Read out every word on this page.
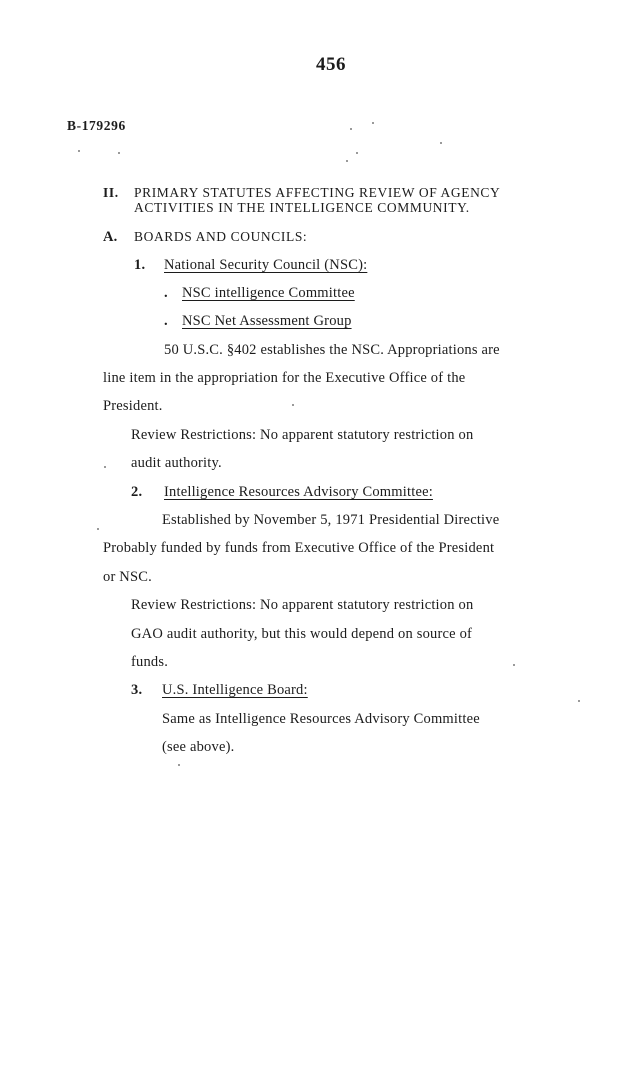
456
B-179296
II. PRIMARY STATUTES AFFECTING REVIEW OF AGENCY
ACTIVITIES IN THE INTELLIGENCE COMMUNITY.
A. BOARDS AND COUNCILS:
1. National Security Council (NSC):
. NSC intelligence Committee
. NSC Net Assessment Group
50 U.S.C. §402 establishes the NSC. Appropriations are
line item in the appropriation for the Executive Office of the
President.
Review Restrictions: No apparent statutory restriction on
audit authority.
2. Intelligence Resources Advisory Committee:
Established by November 5, 1971 Presidential Directive
Probably funded by funds from Executive Office of the President
or NSC.
Review Restrictions: No apparent statutory restriction on
GAO audit authority, but this would depend on source of
funds.
3. U.S. Intelligence Board:
Same as Intelligence Resources Advisory Committee
(see above).
